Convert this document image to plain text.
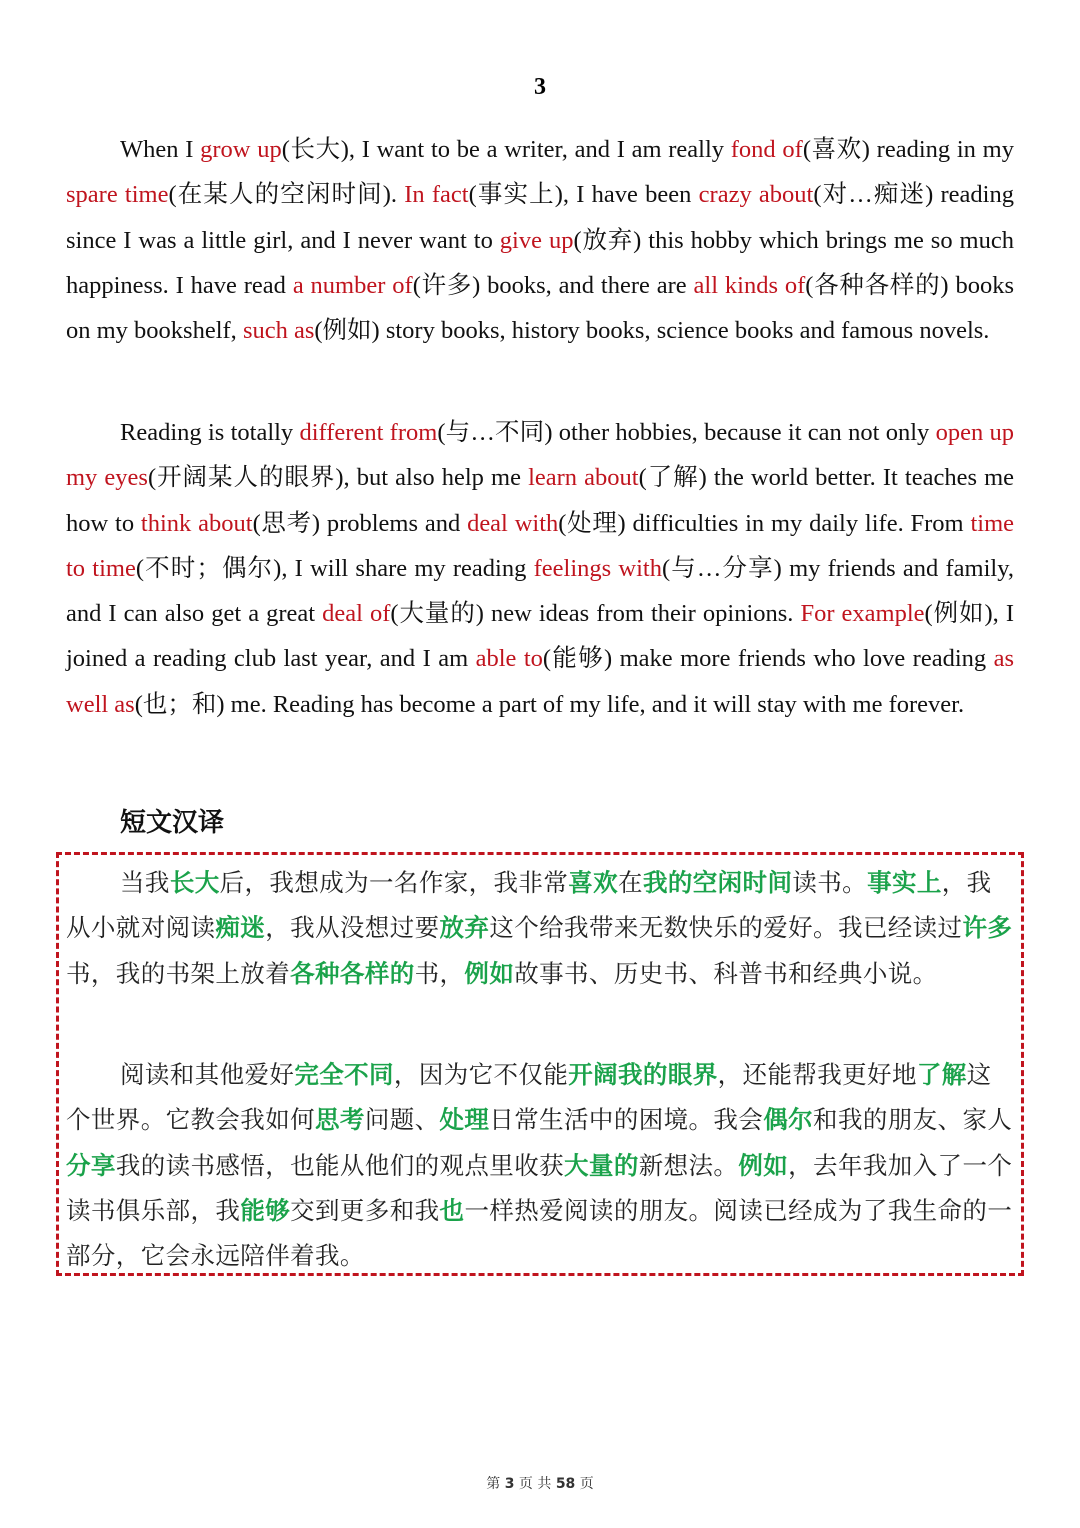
3

When I grow up(长大), I want to be a writer, and I am really fond of(喜欢) reading in my spare time(在某人的空闲时间). In fact(事实上), I have been crazy about(对…痴迷) reading since I was a little girl, and I never want to give up(放弃) this hobby which brings me so much happiness. I have read a number of(许多) books, and there are all kinds of(各种各样的) books on my bookshelf, such as(例如) story books, history books, science books and famous novels.

Reading is totally different from(与…不同) other hobbies, because it can not only open up my eyes(开阔某人的眼界), but also help me learn about(了解) the world better. It teaches me how to think about(思考) problems and deal with(处理) difficulties in my daily life. From time to time(不时；偶尔), I will share my reading feelings with(与…分享) my friends and family, and I can also get a great deal of(大量的) new ideas from their opinions. For example(例如), I joined a reading club last year, and I am able to(能够) make more friends who love reading as well as(也；和) me. Reading has become a part of my life, and it will stay with me forever.

短文汉译

当我长大后，我想成为一名作家，我非常喜欢在我的空闲时间读书。事实上，我从小就对阅读痴迷，我从没想过要放弃这个给我带来无数快乐的爱好。我已经读过许多书，我的书架上放着各种各样的书，例如故事书、历史书、科普书和经典小说。

阅读和其他爱好完全不同，因为它不仅能开阔我的眼界，还能帮我更好地了解这个世界。它教会我如何思考问题、处理日常生活中的困境。我会偶尔和我的朋友、家人分享我的读书感悟，也能从他们的观点里收获大量的新想法。例如，去年我加入了一个读书俱乐部，我能够交到更多和我也一样热爱阅读的朋友。阅读已经成为了我生命的一部分，它会永远陪伴着我。

第 3 页 共 58 页
